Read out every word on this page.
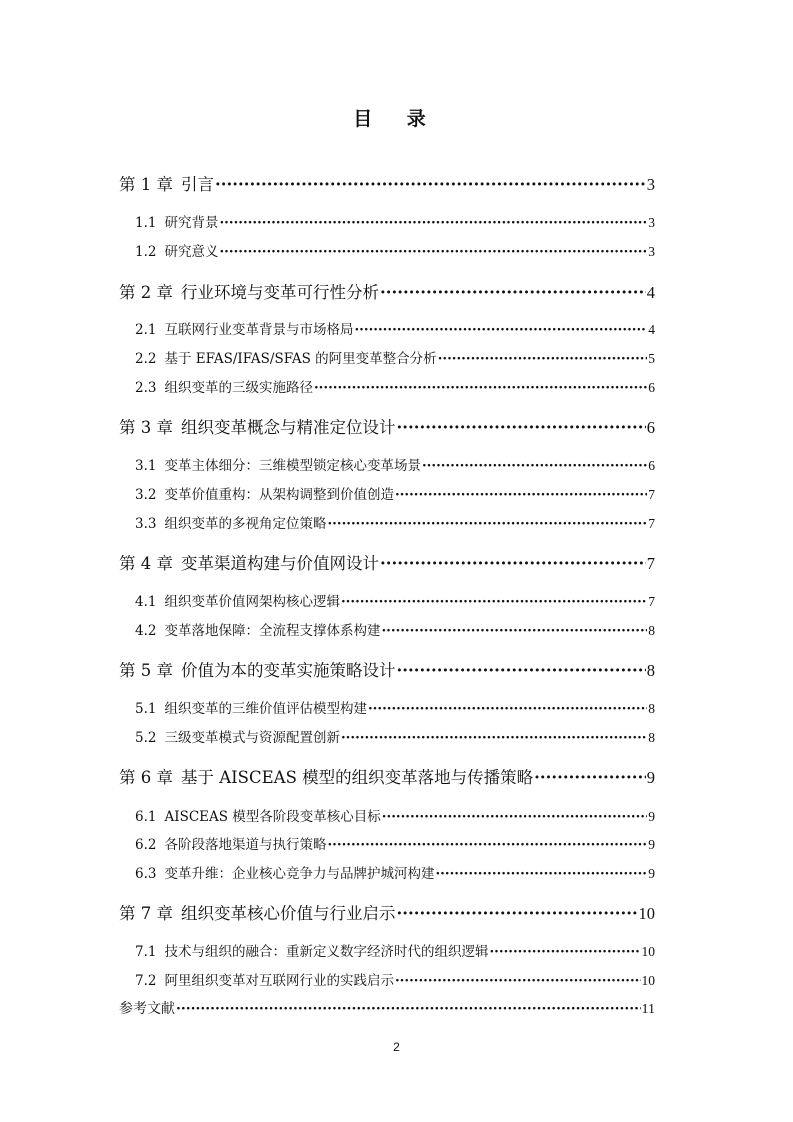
目 录
第 1 章 引言 ·····	3
1.1 研究背景 ·····	3
1.2 研究意义 ·····	3
第 2 章 行业环境与变革可行性分析 ·····	4
2.1 互联网行业变革背景与市场格局 ·····	4
2.2 基于 EFAS/IFAS/SFAS 的阿里变革整合分析 ·····	5
2.3 组织变革的三级实施路径 ·····	6
第 3 章 组织变革概念与精准定位设计 ·····	6
3.1 变革主体细分：三维模型锁定核心变革场景 ·····	6
3.2 变革价值重构：从架构调整到价值创造 ·····	7
3.3 组织变革的多视角定位策略 ·····	7
第 4 章 变革渠道构建与价值网设计 ·····	7
4.1 组织变革价值网架构核心逻辑 ·····	7
4.2 变革落地保障：全流程支撑体系构建 ·····	8
第 5 章 价值为本的变革实施策略设计 ·····	8
5.1 组织变革的三维价值评估模型构建 ·····	8
5.2 三级变革模式与资源配置创新 ·····	8
第 6 章 基于 AISCEAS 模型的组织变革落地与传播策略 ·····	9
6.1 AISCEAS 模型各阶段变革核心目标 ·····	9
6.2 各阶段落地渠道与执行策略 ·····	9
6.3 变革升维：企业核心竞争力与品牌护城河构建 ·····	9
第 7 章 组织变革核心价值与行业启示 ·····	10
7.1 技术与组织的融合：重新定义数字经济时代的组织逻辑 ·····	10
7.2 阿里组织变革对互联网行业的实践启示 ·····	10
参考文献 ·····	11
2
